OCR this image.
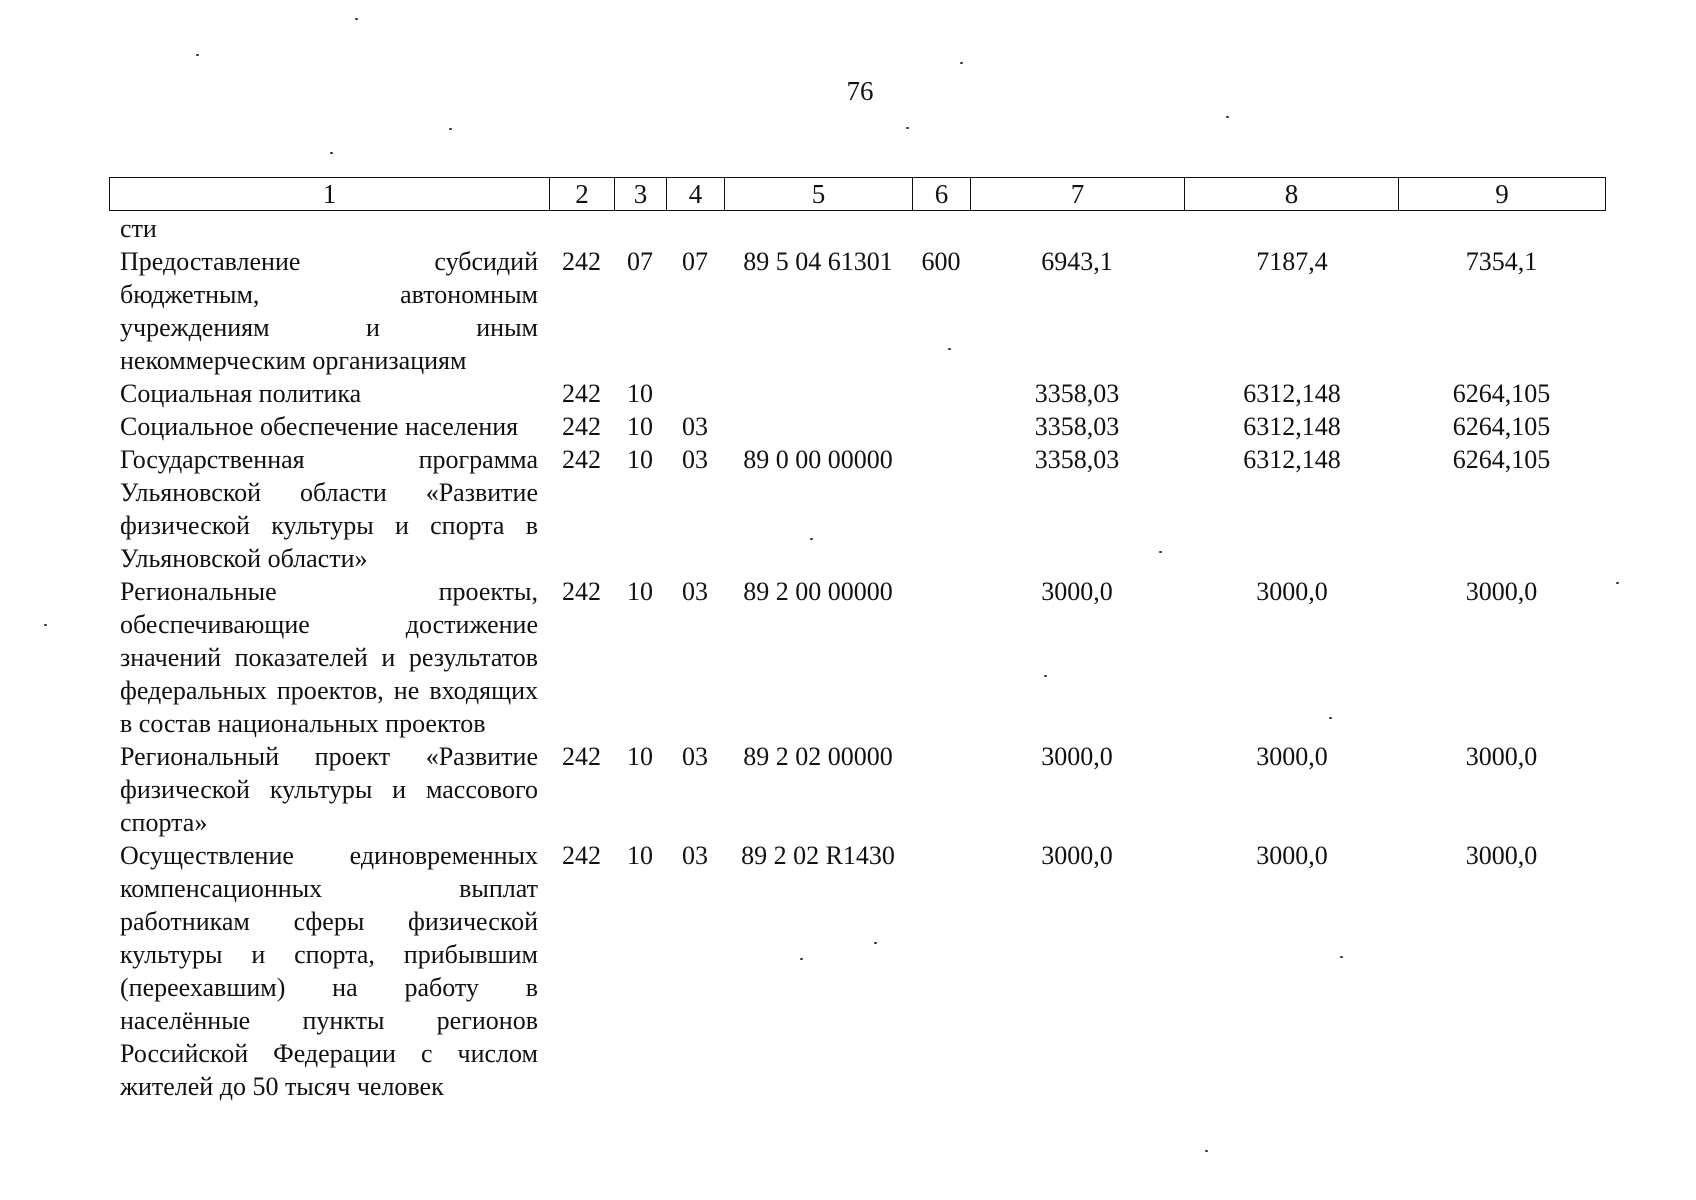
76
1	2	3	4	5	6	7	8	9
сти								
Предоставление субсидий бюджетным, автономным учреждениям и иным некоммерческим организациям	242	07	07	89 5 04 61301	600	6943,1	7187,4	7354,1
Социальная политика	242	10				3358,03	6312,148	6264,105
Социальное обеспечение населения	242	10	03			3358,03	6312,148	6264,105
Государственная программа Ульяновской области «Развитие физической культуры и спорта в Ульяновской области»	242	10	03	89 0 00 00000		3358,03	6312,148	6264,105
Региональные проекты, обеспечивающие достижение значений показателей и результатов федеральных проектов, не входящих в состав национальных проектов	242	10	03	89 2 00 00000		3000,0	3000,0	3000,0
Региональный проект «Развитие физической культуры и массового спорта»	242	10	03	89 2 02 00000		3000,0	3000,0	3000,0
Осуществление единовременных компенсационных выплат работникам сферы физической культуры и спорта, прибывшим (переехавшим) на работу в населённые пункты регионов Российской Федерации с числом жителей до 50 тысяч человек	242	10	03	89 2 02 R1430		3000,0	3000,0	3000,0
